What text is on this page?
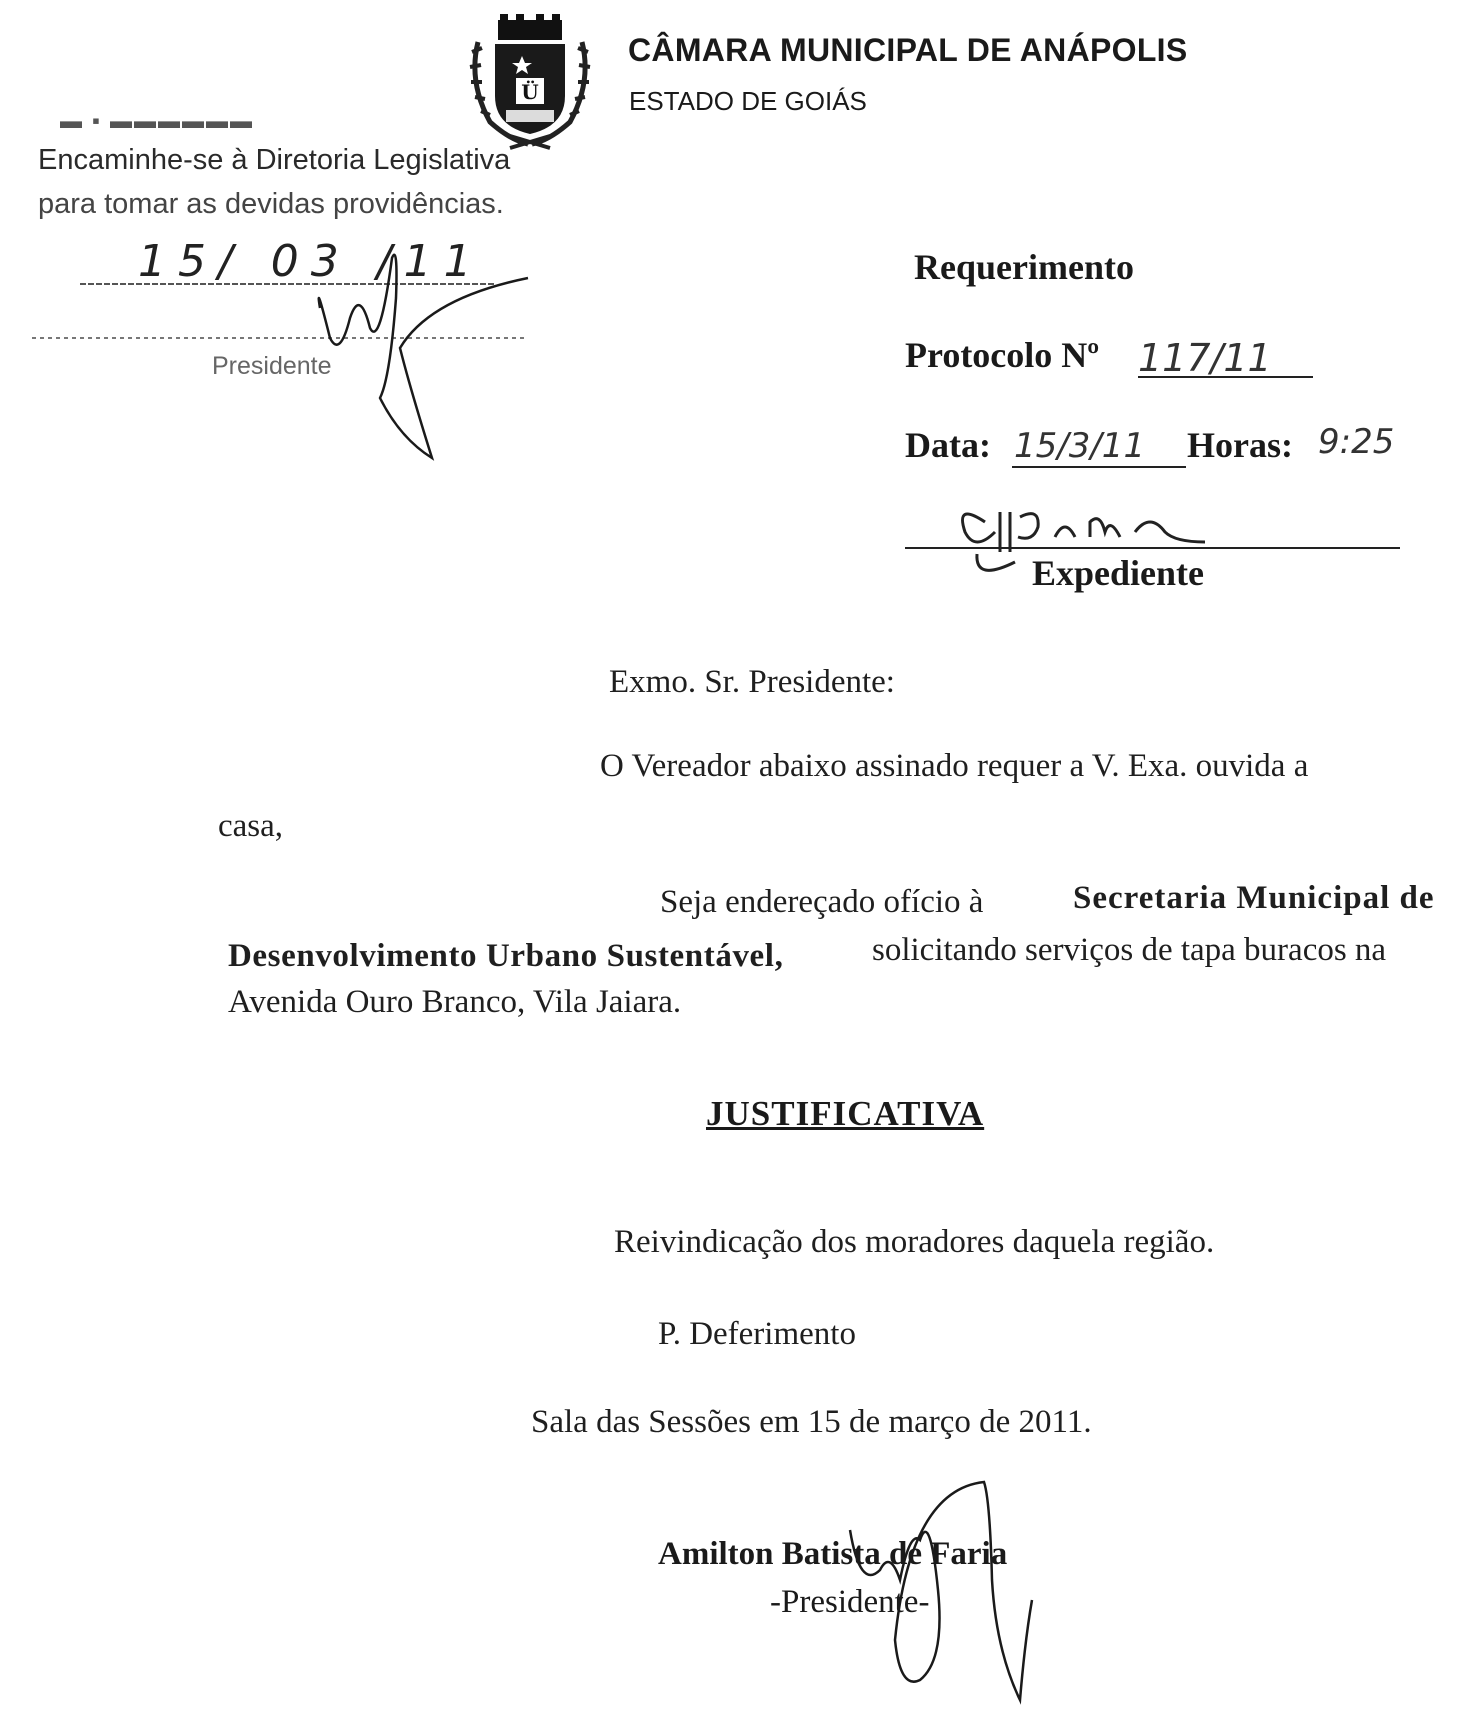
Ü
CÂMARA MUNICIPAL DE ANÁPOLIS
ESTADO DE GOIÁS
▬ ▪ ▬▬▬▬▬▬
Encaminhe-se à Diretoria Legislativa
para tomar as devidas providências.
15/ 03 /11
Presidente
Requerimento
Protocolo Nº 117/11
Data: 15/3/11 Horas: 9:25
Expediente
Exmo. Sr. Presidente:
O Vereador abaixo assinado requer a V. Exa. ouvida a
casa,
Seja endereçado ofício à	Secretaria Municipal de
Desenvolvimento Urbano Sustentável,	solicitando serviços de tapa buracos na
Avenida Ouro Branco, Vila Jaiara.
JUSTIFICATIVA
Reivindicação dos moradores daquela região.
P. Deferimento
Sala das Sessões em 15 de março de 2011.
Amilton Batista de Faria
-Presidente-
